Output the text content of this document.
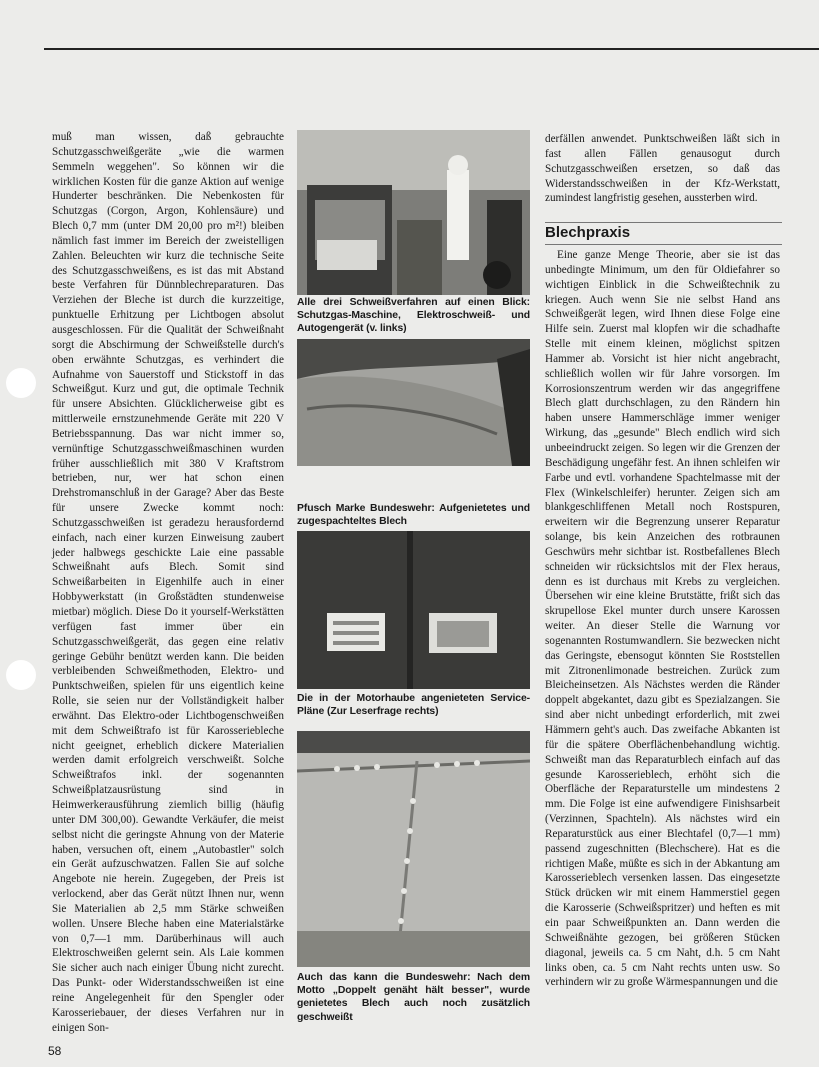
muß man wissen, daß gebrauchte Schutzgasschweißgeräte „wie die warmen Semmeln weggehen". So können wir die wirklichen Kosten für die ganze Aktion auf wenige Hunderter beschränken. Die Nebenkosten für Schutzgas (Corgon, Argon, Kohlensäure) und Blech 0,7 mm (unter DM 20,00 pro m²!) bleiben nämlich fast immer im Bereich der zweistelligen Zahlen. Beleuchten wir kurz die technische Seite des Schutzgasschweißens, es ist das mit Abstand beste Verfahren für Dünnblechreparaturen. Das Verziehen der Bleche ist durch die kurzzeitige, punktuelle Erhitzung per Lichtbogen absolut ausgeschlossen. Für die Qualität der Schweißnaht sorgt die Abschirmung der Schweißstelle durch's oben erwähnte Schutzgas, es verhindert die Aufnahme von Sauerstoff und Stickstoff in das Schweißgut. Kurz und gut, die optimale Technik für unsere Absichten. Glücklicherweise gibt es mittlerweile ernstzunehmende Geräte mit 220 V Betriebsspannung. Das war nicht immer so, vernünftige Schutzgasschweißmaschinen wurden früher ausschließlich mit 380 V Kraftstrom betrieben, nur, wer hat schon einen Drehstromanschluß in der Garage? Aber das Beste für unsere Zwecke kommt noch: Schutzgasschweißen ist geradezu herausfordernd einfach, nach einer kurzen Einweisung zaubert jeder halbwegs geschickte Laie eine passable Schweißnaht aufs Blech. Somit sind Schweißarbeiten in Eigenhilfe auch in einer Hobbywerkstatt (in Großstädten stundenweise mietbar) möglich. Diese Do it yourself-Werkstätten verfügen fast immer über ein Schutzgasschweißgerät, das gegen eine relativ geringe Gebühr benützt werden kann. Die beiden verbleibenden Schweißmethoden, Elektro- und Punktschweißen, spielen für uns eigentlich keine Rolle, sie seien nur der Vollständigkeit halber erwähnt. Das Elektro-oder Lichtbogenschweißen mit dem Schweißtrafo ist für Karosseriebleche nicht geeignet, erheblich dickere Materialien werden damit erfolgreich verschweißt. Solche Schweißtrafos inkl. der sogenannten Schweißplatzausrüstung sind in Heimwerkerausführung ziemlich billig (häufig unter DM 300,00). Gewandte Verkäufer, die meist selbst nicht die geringste Ahnung von der Materie haben, versuchen oft, einem „Autobastler" solch ein Gerät aufzuschwatzen. Fallen Sie auf solche Angebote nie herein. Zugegeben, der Preis ist verlockend, aber das Gerät nützt Ihnen nur, wenn Sie Materialien ab 2,5 mm Stärke schweißen wollen. Unsere Bleche haben eine Materialstärke von 0,7—1 mm. Darüberhinaus will auch Elektroschweißen gelernt sein. Als Laie kommen Sie sicher auch nach einiger Übung nicht zurecht. Das Punkt- oder Widerstandsschweißen ist eine reine Angelegenheit für den Spengler oder Karosseriebauer, der dieses Verfahren nur in einigen Son-

Alle drei Schweißverfahren auf einen Blick: Schutzgas-Maschine, Elektroschweiß- und Autogengerät (v. links)

Pfusch Marke Bundeswehr: Aufgenietetes und zugespachteltes Blech

Die in der Motorhaube angenieteten Service-Pläne (Zur Leserfrage rechts)

Auch das kann die Bundeswehr: Nach dem Motto „Doppelt genäht hält besser", wurde genietetes Blech auch noch zusätzlich geschweißt

derfällen anwendet. Punktschweißen läßt sich in fast allen Fällen genausogut durch Schutzgasschweißen ersetzen, so daß das Widerstandsschweißen in der Kfz-Werkstatt, zumindest langfristig gesehen, aussterben wird.

Blechpraxis

Eine ganze Menge Theorie, aber sie ist das unbedingte Minimum, um den für Oldiefahrer so wichtigen Einblick in die Schweißtechnik zu kriegen. Auch wenn Sie nie selbst Hand ans Schweißgerät legen, wird Ihnen diese Folge eine Hilfe sein. Zuerst mal klopfen wir die schadhafte Stelle mit einem kleinen, möglichst spitzen Hammer ab. Vorsicht ist hier nicht angebracht, schließlich wollen wir für Jahre vorsorgen. Im Korrosionszentrum werden wir das angegriffene Blech glatt durchschlagen, zu den Rändern hin haben unsere Hammerschläge immer weniger Wirkung, das „gesunde" Blech endlich wird sich unbeeindruckt zeigen. So legen wir die Grenzen der Beschädigung ungefähr fest. An ihnen schleifen wir Farbe und evtl. vorhandene Spachtelmasse mit der Flex (Winkelschleifer) herunter. Zeigen sich am blankgeschliffenen Metall noch Rostspuren, erweitern wir die Begrenzung unserer Reparatur solange, bis kein Anzeichen des rotbraunen Geschwürs mehr sichtbar ist. Rostbefallenes Blech schneiden wir rücksichtslos mit der Flex heraus, denn es ist durchaus mit Krebs zu vergleichen. Übersehen wir eine kleine Brutstätte, frißt sich das skrupellose Ekel munter durch unsere Karossen weiter. An dieser Stelle die Warnung vor sogenannten Rostumwandlern. Sie bezwecken nicht das Geringste, ebensogut könnten Sie Roststellen mit Zitronenlimonade bestreichen. Zurück zum Bleicheinsetzen. Als Nächstes werden die Ränder doppelt abgekantet, dazu gibt es Spezialzangen. Sie sind aber nicht unbedingt erforderlich, mit zwei Hämmern geht's auch. Das zweifache Abkanten ist für die spätere Oberflächenbehandlung wichtig. Schweißt man das Reparaturblech einfach auf das gesunde Karosserieblech, erhöht sich die Oberfläche der Reparaturstelle um mindestens 2 mm. Die Folge ist eine aufwendigere Finishsarbeit (Verzinnen, Spachteln). Als nächstes wird ein Reparaturstück aus einer Blechtafel (0,7—1 mm) passend zugeschnitten (Blechschere). Hat es die richtigen Maße, müßte es sich in der Abkantung am Karosserieblech versenken lassen. Das eingesetzte Stück drücken wir mit einem Hammerstiel gegen die Karosserie (Schweißspritzer) und heften es mit ein paar Schweißpunkten an. Dann werden die Schweißnähte gezogen, bei größeren Stücken diagonal, jeweils ca. 5 cm Naht, d.h. 5 cm Naht links oben, ca. 5 cm Naht rechts unten usw. So verhindern wir zu große Wärmespannungen und die

58
